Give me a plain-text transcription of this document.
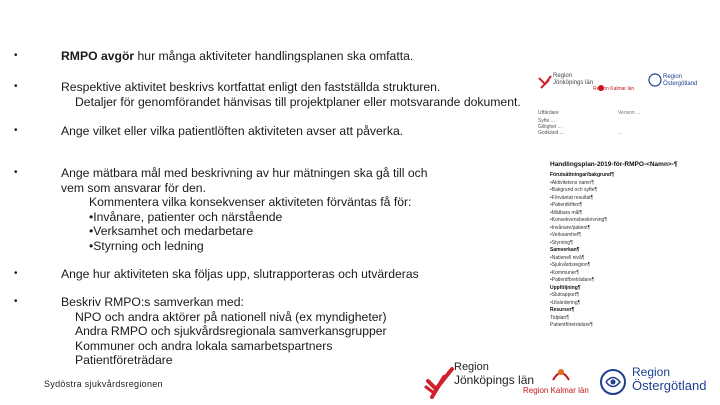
•	RMPO avgör hur många aktiviteter handlingsplanen ska omfatta.
•	Respektive aktivitet beskrivs kortfattat enligt den fastställda strukturen.
Detaljer för genomförandet hänvisas till projektplaner eller motsvarande dokument.
•	Ange vilket eller vilka patientlöften aktiviteten avser att påverka.
•	Ange mätbara mål med beskrivning av hur mätningen ska gå till och
vem som ansvarar för den.
Kommentera vilka konsekvenser aktiviteten förväntas få för:
•Invånare, patienter och närstående
•Verksamhet och medarbetare
•Styrning och ledning
•	Ange hur aktiviteten ska följas upp, slutrapporteras och utvärderas
•	Beskriv RMPO:s samverkan med:
NPO och andra aktörer på nationell nivå (ex myndigheter)
Andra RMPO och sjukvårdsregionala samverkansgrupper
Kommuner och andra lokala samarbetspartners
Patientföreträdare
Utfärdare	Version ...
Syfte ...
Giltighet ...
Godkänd ...	...
Handlingsplan-2019-för-RMPO-<Namn>-¶
Förutsättningar/bakgrund¶
•Aktivitetens namn¶
•Bakgrund och syfte¶
•Förväntat resultat¶
•Patientlöften¶
•Mätbara mål¶
•Konsekvensbeskrivning¶
•Invånare/patient¶
•Verksamhet¶
•Styrning¶
Samverkan¶
•Nationell nivå¶
•Sjukvårdsregion¶
•Kommuner¶
•Patientföreträdare¶
Uppföljning¶
•Slutrapport¶
•Utvärdering¶
Resurser¶
Tidplan¶
Patientföreträdare¶
Region
Jönköpings län
Region Kalmar län
Region
Östergötland
Sydöstra sjukvårdsregionen
Region
Jönköpings län
Region Kalmar län
Region
Östergötland
